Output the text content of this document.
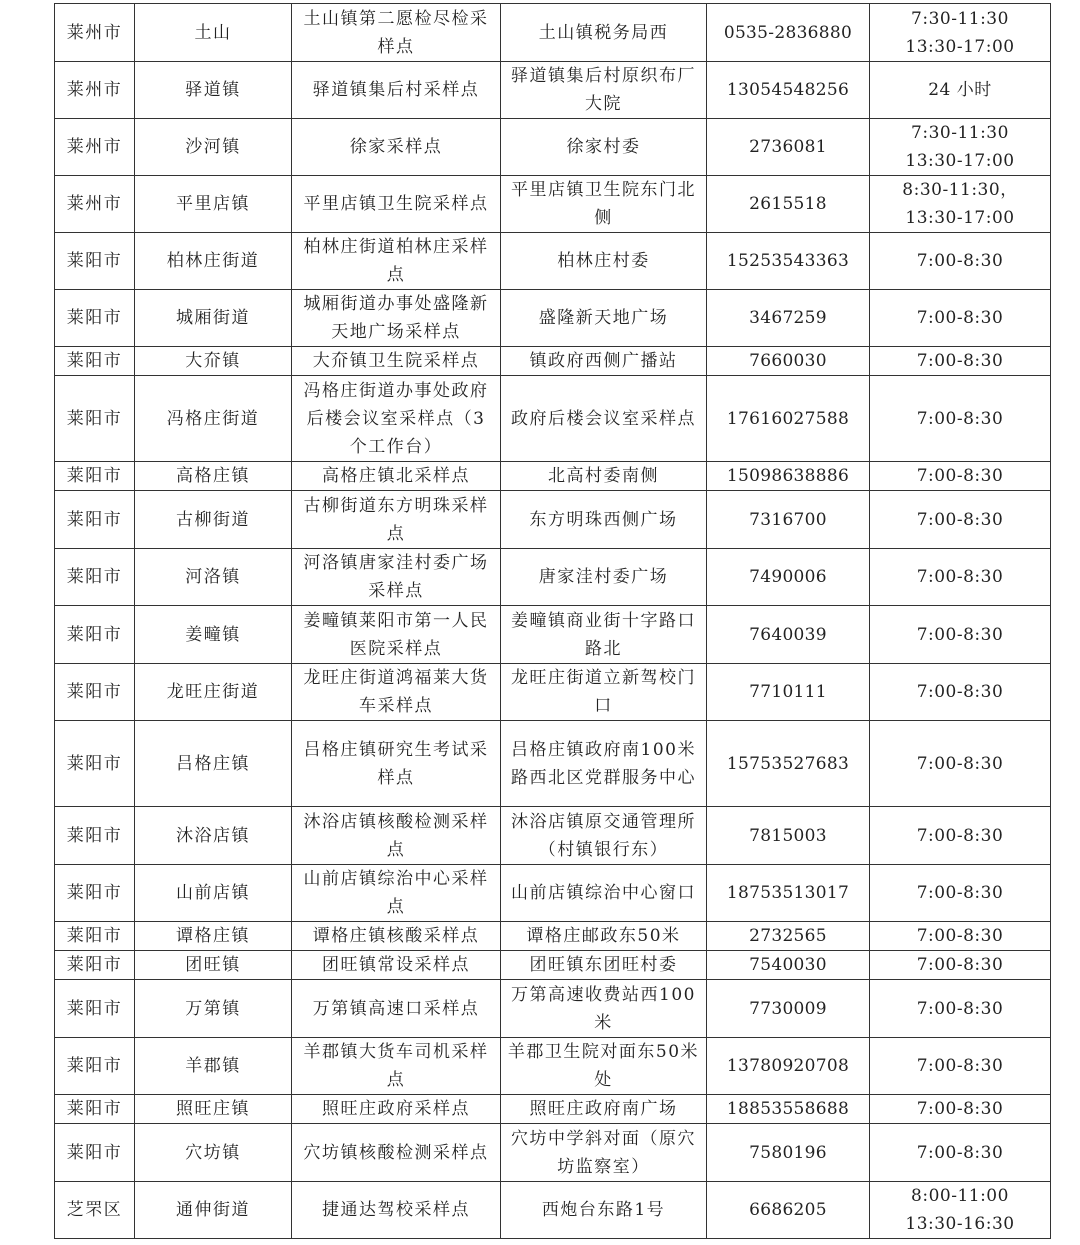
莱州市	土山	土山镇第二愿检尽检采样点	土山镇税务局西	0535-2836880	7:30-11:30
13:30-17:00

莱州市	驿道镇	驿道镇集后村采样点	驿道镇集后村原织布厂大院	13054548256	24 小时

莱州市	沙河镇	徐家采样点	徐家村委	2736081	7:30-11:30
13:30-17:00

莱州市	平里店镇	平里店镇卫生院采样点	平里店镇卫生院东门北侧	2615518	8:30-11:30，
13:30-17:00

莱阳市	柏林庄街道	柏林庄街道柏林庄采样点	柏林庄村委	15253543363	7:00-8:30

莱阳市	城厢街道	城厢街道办事处盛隆新天地广场采样点	盛隆新天地广场	3467259	7:00-8:30

莱阳市	大夼镇	大夼镇卫生院采样点	镇政府西侧广播站	7660030	7:00-8:30

莱阳市	冯格庄街道	冯格庄街道办事处政府后楼会议室采样点（3个工作台）	政府后楼会议室采样点	17616027588	7:00-8:30

莱阳市	高格庄镇	高格庄镇北采样点	北高村委南侧	15098638886	7:00-8:30

莱阳市	古柳街道	古柳街道东方明珠采样点	东方明珠西侧广场	7316700	7:00-8:30

莱阳市	河洛镇	河洛镇唐家洼村委广场采样点	唐家洼村委广场	7490006	7:00-8:30

莱阳市	姜疃镇	姜疃镇莱阳市第一人民医院采样点	姜疃镇商业街十字路口路北	7640039	7:00-8:30

莱阳市	龙旺庄街道	龙旺庄街道鸿福莱大货车采样点	龙旺庄街道立新驾校门口	7710111	7:00-8:30

莱阳市	吕格庄镇	吕格庄镇研究生考试采样点	吕格庄镇政府南100米路西北区党群服务中心	15753527683	7:00-8:30

莱阳市	沐浴店镇	沐浴店镇核酸检测采样点	沐浴店镇原交通管理所（村镇银行东）	7815003	7:00-8:30

莱阳市	山前店镇	山前店镇综治中心采样点	山前店镇综治中心窗口	18753513017	7:00-8:30

莱阳市	谭格庄镇	谭格庄镇核酸采样点	谭格庄邮政东50米	2732565	7:00-8:30

莱阳市	团旺镇	团旺镇常设采样点	团旺镇东团旺村委	7540030	7:00-8:30

莱阳市	万第镇	万第镇高速口采样点	万第高速收费站西100米	7730009	7:00-8:30

莱阳市	羊郡镇	羊郡镇大货车司机采样点	羊郡卫生院对面东50米处	13780920708	7:00-8:30

莱阳市	照旺庄镇	照旺庄政府采样点	照旺庄政府南广场	18853558688	7:00-8:30

莱阳市	穴坊镇	穴坊镇核酸检测采样点	穴坊中学斜对面（原穴坊监察室）	7580196	7:00-8:30

芝罘区	通伸街道	捷通达驾校采样点	西炮台东路1号	6686205	8:00-11:00
13:30-16:30
